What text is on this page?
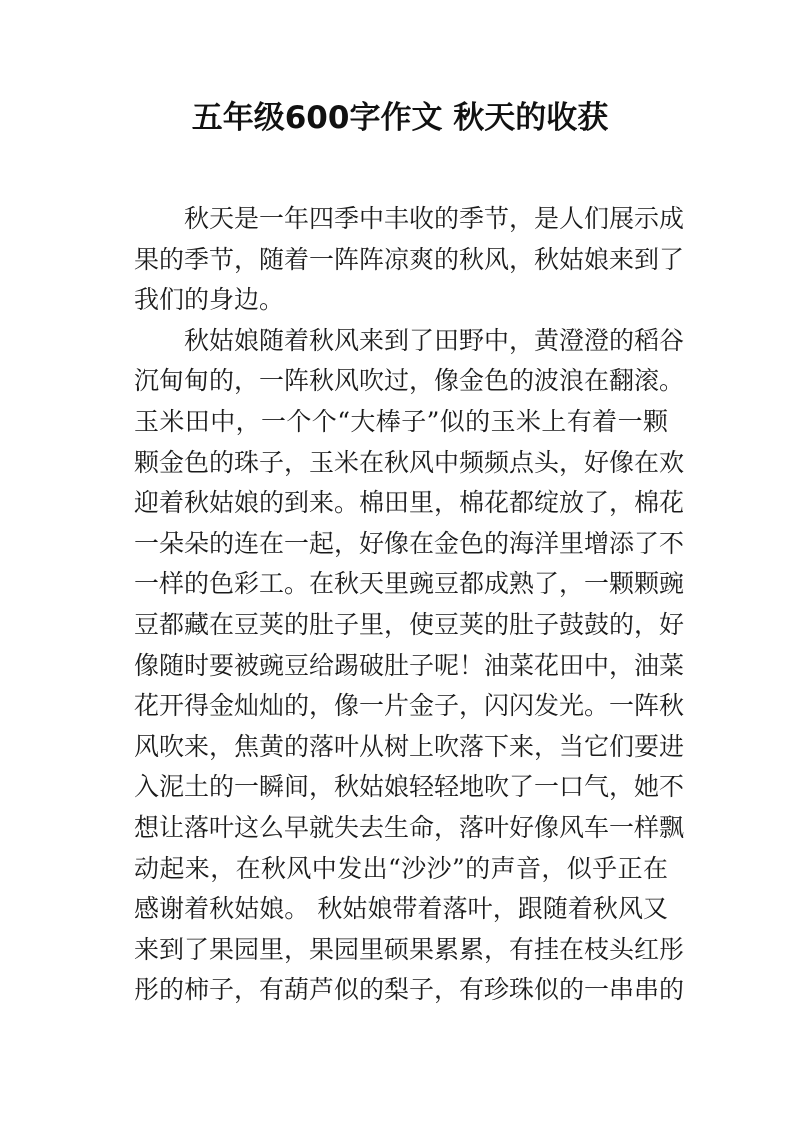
五年级600字作文 秋天的收获
秋天是一年四季中丰收的季节，是人们展示成
果的季节，随着一阵阵凉爽的秋风，秋姑娘来到了
我们的身边。
秋姑娘随着秋风来到了田野中，黄澄澄的稻谷
沉甸甸的，一阵秋风吹过，像金色的波浪在翻滚。
玉米田中，一个个“大棒子”似的玉米上有着一颗
颗金色的珠子，玉米在秋风中频频点头，好像在欢
迎着秋姑娘的到来。棉田里，棉花都绽放了，棉花
一朵朵的连在一起，好像在金色的海洋里增添了不
一样的色彩工。在秋天里豌豆都成熟了，一颗颗豌
豆都藏在豆荚的肚子里，使豆荚的肚子鼓鼓的，好
像随时要被豌豆给踢破肚子呢！油菜花田中，油菜
花开得金灿灿的，像一片金子，闪闪发光。一阵秋
风吹来，焦黄的落叶从树上吹落下来，当它们要进
入泥土的一瞬间，秋姑娘轻轻地吹了一口气，她不
想让落叶这么早就失去生命，落叶好像风车一样飘
动起来，在秋风中发出“沙沙”的声音，似乎正在
感谢着秋姑娘。 秋姑娘带着落叶，跟随着秋风又
来到了果园里，果园里硕果累累，有挂在枝头红彤
彤的柿子，有葫芦似的梨子，有珍珠似的一串串的
